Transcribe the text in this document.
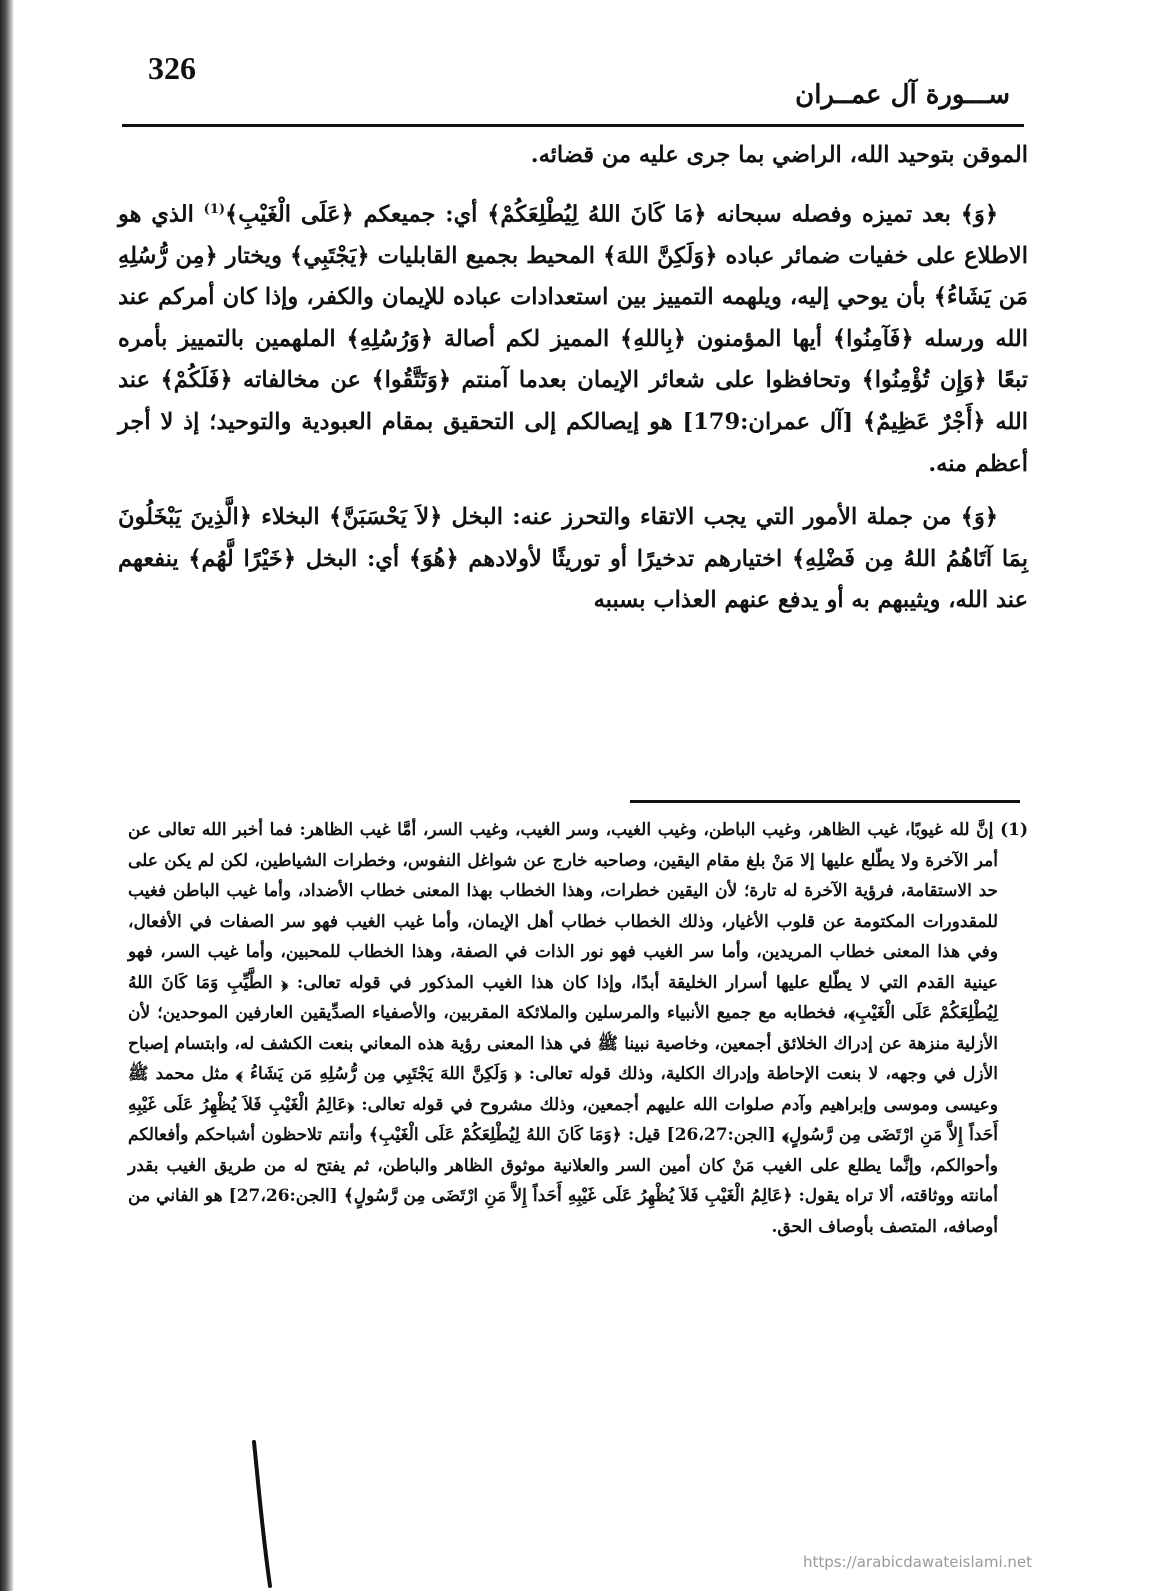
326
ســـورة آل عمــران

الموقن بتوحيد الله، الراضي بما جرى عليه من قضائه.

﴿وَ﴾ بعد تميزه وفصله سبحانه ﴿مَا كَانَ اللهُ لِيُطْلِعَكُمْ﴾ أي: جميعكم ﴿عَلَى الْغَيْبِ﴾$^{(1)}$ الذي هو الاطلاع على خفيات ضمائر عباده ﴿وَلَكِنَّ اللهَ﴾ المحيط بجميع القابليات ﴿يَجْتَبِي﴾ ويختار ﴿مِن رُّسُلِهِ مَن يَشَاءُ﴾ بأن يوحي إليه، ويلهمه التمييز بين استعدادات عباده للإيمان والكفر، وإذا كان أمركم عند الله ورسله ﴿فَآمِنُوا﴾ أيها المؤمنون ﴿بِاللهِ﴾ المميز لكم أصالة ﴿وَرُسُلِهِ﴾ الملهمين بالتمييز بأمره تبعًا ﴿وَإِن تُؤْمِنُوا﴾ وتحافظوا على شعائر الإيمان بعدما آمنتم ﴿وَتَتَّقُوا﴾ عن مخالفاته ﴿فَلَكُمْ﴾ عند الله ﴿أَجْرٌ عَظِيمٌ﴾ [آل عمران:179] هو إيصالكم إلى التحقيق بمقام العبودية والتوحيد؛ إذ لا أجر أعظم منه.

﴿وَ﴾ من جملة الأمور التي يجب الاتقاء والتحرز عنه: البخل ﴿لاَ يَحْسَبَنَّ﴾ البخلاء ﴿الَّذِينَ يَبْخَلُونَ بِمَا آتَاهُمُ اللهُ مِن فَضْلِهِ﴾ اختيارهم تدخيرًا أو توريثًا لأولادهم ﴿هُوَ﴾ أي: البخل ﴿خَيْرًا لَّهُم﴾ ينفعهم عند الله، ويثيبهم به أو يدفع عنهم العذاب بسببه

(1) إنَّ لله غيوبًا، غيب الظاهر، وغيب الباطن، وغيب الغيب، وسر الغيب، وغيب السر، أمَّا غيب الظاهر: فما أخبر الله تعالى عن أمر الآخرة ولا يطّلع عليها إلا مَنْ بلغ مقام اليقين، وصاحبه خارج عن شواغل النفوس، وخطرات الشياطين، لكن لم يكن على حد الاستقامة، فرؤية الآخرة له تارة؛ لأن اليقين خطرات، وهذا الخطاب بهذا المعنى خطاب الأضداد، وأما غيب الباطن فغيب للمقدورات المكتومة عن قلوب الأغيار، وذلك الخطاب خطاب أهل الإيمان، وأما غيب الغيب فهو سر الصفات في الأفعال، وفي هذا المعنى خطاب المريدين، وأما سر الغيب فهو نور الذات في الصفة، وهذا الخطاب للمحبين، وأما غيب السر، فهو عينية القدم التي لا يطّلع عليها أسرار الخليقة أبدًا، وإذا كان هذا الغيب المذكور في قوله تعالى: ﴿ الطَّيِّبِ وَمَا كَانَ اللهُ لِيُطْلِعَكُمْ عَلَى الْغَيْبِ﴾، فخطابه مع جميع الأنبياء والمرسلين والملائكة المقربين، والأصفياء الصدِّيقين العارفين الموحدين؛ لأن الأزلية منزهة عن إدراك الخلائق أجمعين، وخاصية نبينا ﷺ في هذا المعنى رؤية هذه المعاني بنعت الكشف له، وابتسام إصباح الأزل في وجهه، لا بنعت الإحاطة وإدراك الكلية، وذلك قوله تعالى: ﴿ وَلَكِنَّ اللهَ يَجْتَبِي مِن رُّسُلِهِ مَن يَشَاءُ ﴾ مثل محمد ﷺ وعيسى وموسى وإبراهيم وآدم صلوات الله عليهم أجمعين، وذلك مشروح في قوله تعالى: ﴿عَالِمُ الْغَيْبِ فَلاَ يُظْهِرُ عَلَى غَيْبِهِ أَحَداً إِلاَّ مَنِ ارْتَضَى مِن رَّسُولٍ﴾ [الجن:26،27] قيل: ﴿وَمَا كَانَ اللهُ لِيُطْلِعَكُمْ عَلَى الْغَيْبِ﴾ وأنتم تلاحظون أشباحكم وأفعالكم وأحوالكم، وإنَّما يطلع على الغيب مَنْ كان أمين السر والعلانية موثوق الظاهر والباطن، ثم يفتح له من طريق الغيب بقدر أمانته ووثاقته، ألا تراه يقول: ﴿عَالِمُ الْغَيْبِ فَلاَ يُظْهِرُ عَلَى غَيْبِهِ أَحَداً إِلاَّ مَنِ ارْتَضَى مِن رَّسُولٍ﴾ [الجن:27،26] هو الفاني من أوصافه، المتصف بأوصاف الحق.

https://arabicdawateislami.net
